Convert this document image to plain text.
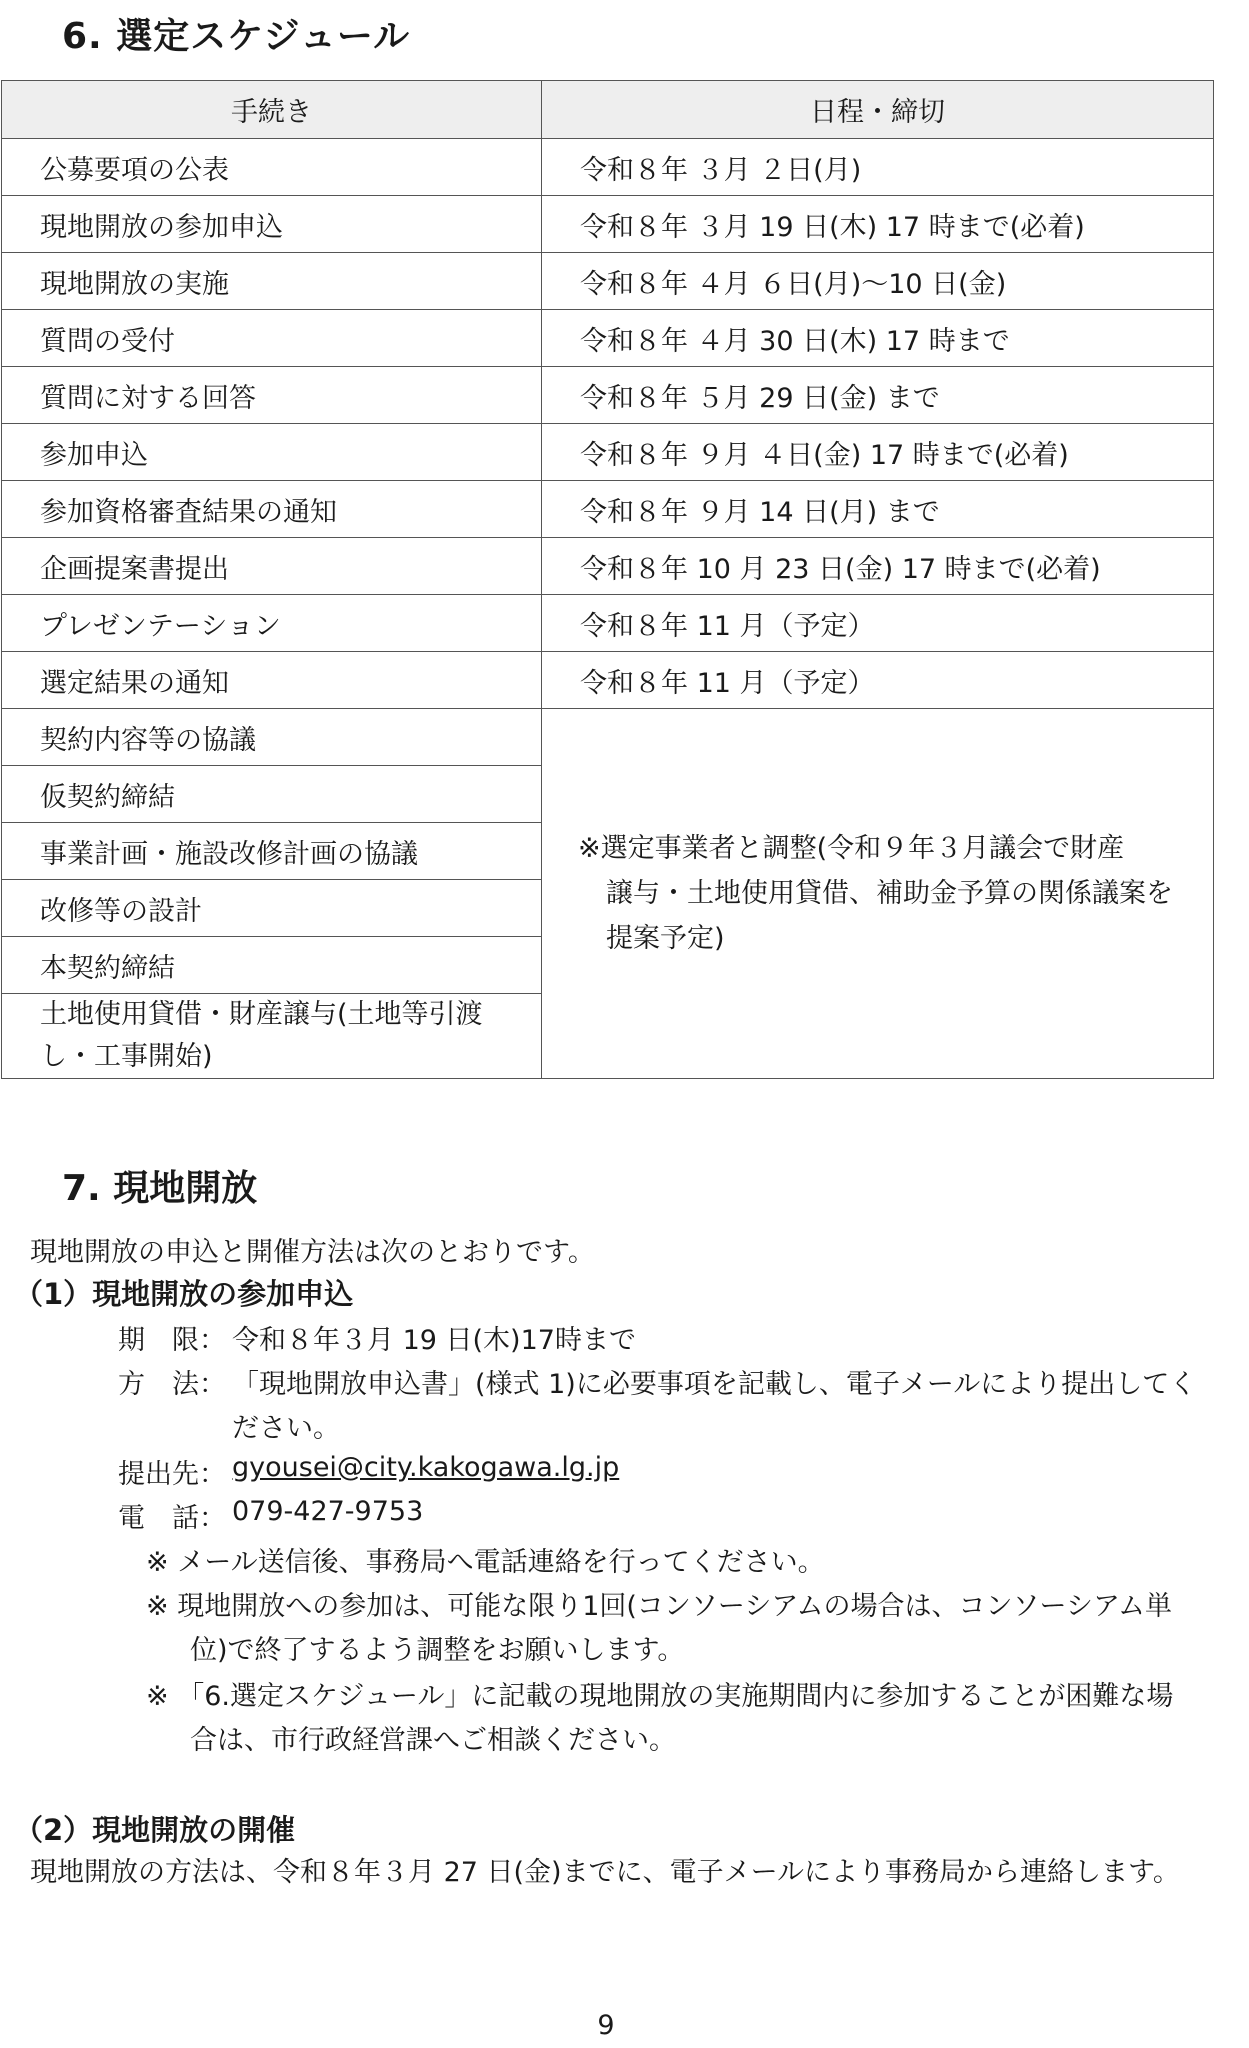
6. 選定スケジュール
手続き	日程・締切
公募要項の公表	令和８年 ３月 ２日(月)
現地開放の参加申込	令和８年 ３月 19 日(木) 17 時まで(必着)
現地開放の実施	令和８年 ４月 ６日(月)～10 日(金)
質問の受付	令和８年 ４月 30 日(木) 17 時まで
質問に対する回答	令和８年 ５月 29 日(金) まで
参加申込	令和８年 ９月 ４日(金) 17 時まで(必着)
参加資格審査結果の通知	令和８年 ９月 14 日(月) まで
企画提案書提出	令和８年 10 月 23 日(金) 17 時まで(必着)
プレゼンテーション	令和８年 11 月（予定）
選定結果の通知	令和８年 11 月（予定）
契約内容等の協議	※選定事業者と調整(令和９年３月議会で財産
譲与・土地使用貸借、補助金予算の関係議案を
提案予定)

仮契約締結	
事業計画・施設改修計画の協議	
改修等の設計	
本契約締結	
土地使用貸借・財産譲与(土地等引渡
し・工事開始)	
7. 現地開放
現地開放の申込と開催方法は次のとおりです。
（1）現地開放の参加申込
期　限： 令和８年３月 19 日(木)17時まで
方　法： 「現地開放申込書」(様式 1)に必要事項を記載し、電子メールにより提出してく
ださい。
提出先： gyousei@city.kakogawa.lg.jp
電　話： 079-427-9753
※ メール送信後、事務局へ電話連絡を行ってください。
※ 現地開放への参加は、可能な限り1回(コンソーシアムの場合は、コンソーシアム単
位)で終了するよう調整をお願いします。
※ 「6.選定スケジュール」に記載の現地開放の実施期間内に参加することが困難な場
合は、市行政経営課へご相談ください。
（2）現地開放の開催
現地開放の方法は、令和８年３月 27 日(金)までに、電子メールにより事務局から連絡します。
9
